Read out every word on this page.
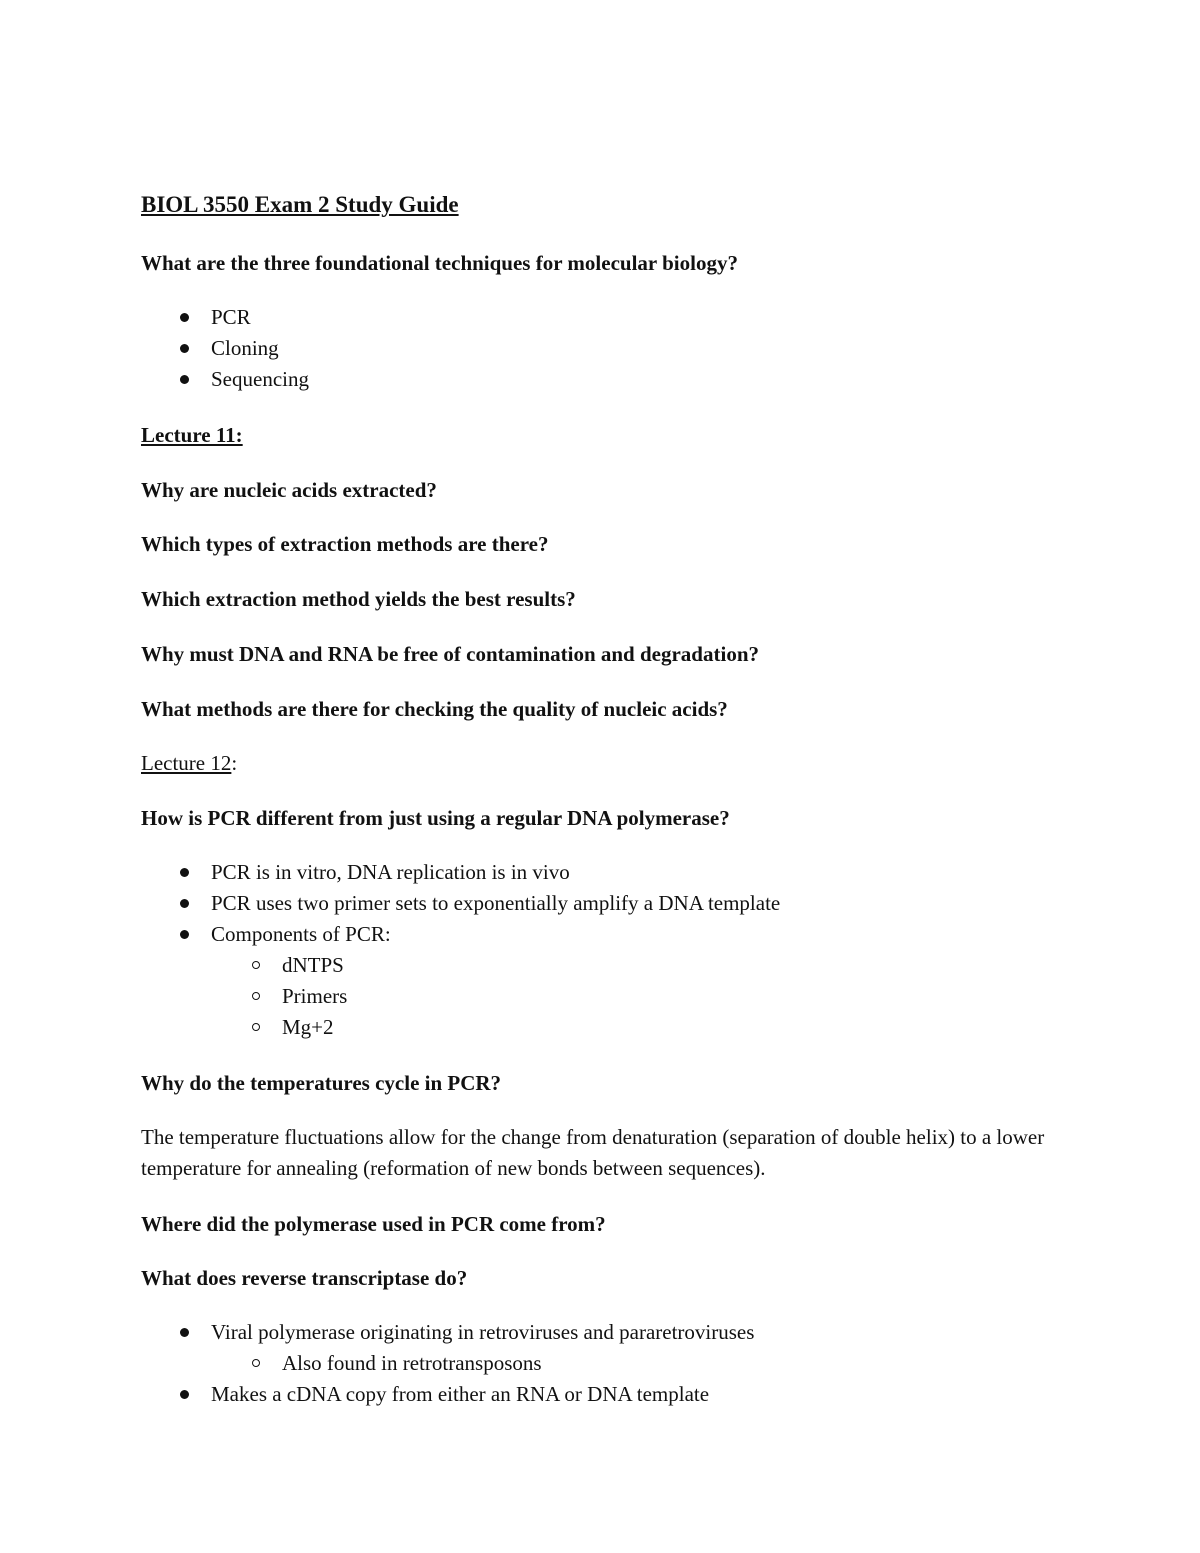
BIOL 3550 Exam 2 Study Guide
What are the three foundational techniques for molecular biology?
PCR
Cloning
Sequencing
Lecture 11:
Why are nucleic acids extracted?
Which types of extraction methods are there?
Which extraction method yields the best results?
Why must DNA and RNA be free of contamination and degradation?
What methods are there for checking the quality of nucleic acids?
Lecture 12:
How is PCR different from just using a regular DNA polymerase?
PCR is in vitro, DNA replication is in vivo
PCR uses two primer sets to exponentially amplify a DNA template
Components of PCR:
dNTPS
Primers
Mg+2
Why do the temperatures cycle in PCR?
The temperature fluctuations allow for the change from denaturation (separation of double helix) to a lower temperature for annealing (reformation of new bonds between sequences).
Where did the polymerase used in PCR come from?
What does reverse transcriptase do?
Viral polymerase originating in retroviruses and pararetroviruses
Also found in retrotransposons
Makes a cDNA copy from either an RNA or DNA template
